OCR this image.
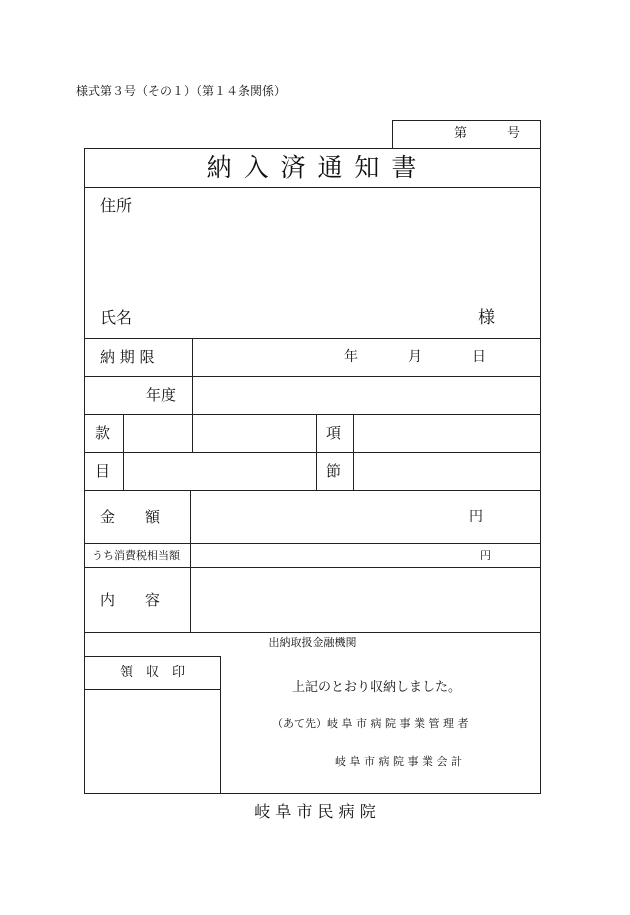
様式第３号（その１）（第１４条関係）
第	号
納 入 済 通 知 書
住所
氏名	様
納 期 限	年	月	日
年度
款	項
目	節
金　　額	円
うち消費税相当額	円
内　　容
出納取扱金融機関
領　収　印
上記のとおり収納しました。
（あて先）岐 阜 市 病 院 事 業 管 理 者
岐 阜 市 病 院 事 業 会 計
岐 阜 市 民 病 院
